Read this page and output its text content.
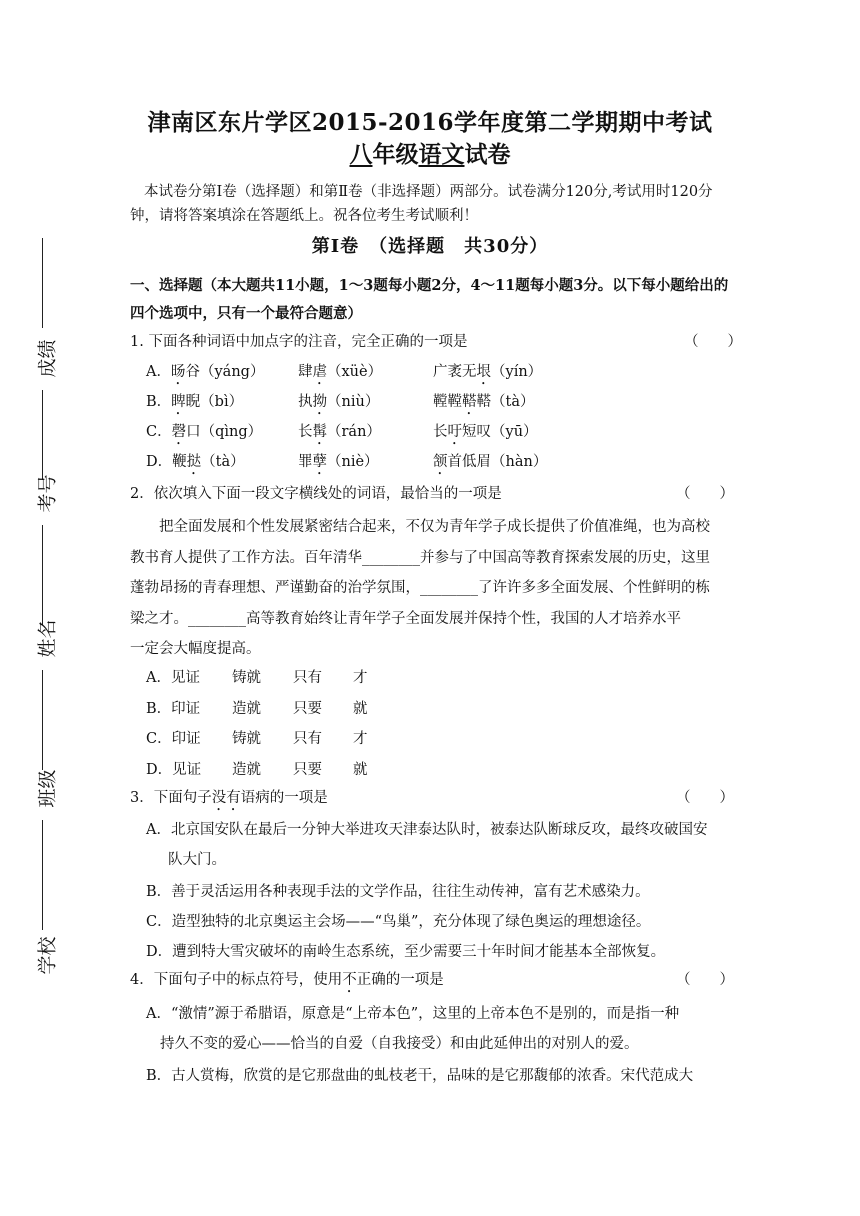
成绩
考号
姓名
班级
学校
津南区东片学区2015-2016学年度第二学期期中考试
八年级语文试卷
本试卷分第Ⅰ卷（选择题）和第Ⅱ卷（非选择题）两部分。试卷满分120分,考试用时120分钟，请将答案填涂在答题纸上。祝各位考生考试顺利！
第Ⅰ卷　（选择题　共30分）
一、选择题（本大题共11小题，1～3题每小题2分，4～11题每小题3分。以下每小题给出的四个选项中，只有一个最符合题意）
1. 下面各种词语中加点字的注音，完全正确的一项是	（　　）
A．旸谷（yáng） 肆虐（xüè）	广袤无垠（yín）
B．睥睨（bì）	执拗（niù）	鞺鞺鞳鞳（tà）
C．磬口（qìng） 长髯（rán）	长吁短叹（yū）
D．鞭挞（tà）	罪孽（niè）	颔首低眉（hàn）
2．依次填入下面一段文字横线处的词语，最恰当的一项是	（　　）

把全面发展和个性发展紧密结合起来，不仅为青年学子成长提供了价值准绳，也为高校

教书育人提供了工作方法。百年清华________并参与了中国高等教育探索发展的历史，这里

蓬勃昂扬的青春理想、严谨勤奋的治学氛围，________了许许多多全面发展、个性鲜明的栋

梁之才。________高等教育始终让青年学子全面发展并保持个性，我国的人才培养水平

一定会大幅度提高。

A．见证 铸就 只有 才
B．印证 造就 只要 就
C．印证 铸就 只有 才
D．见证 造就 只要 就
3．下面句子没有语病的一项是	（　　）
A．北京国安队在最后一分钟大举进攻天津泰达队时，被泰达队断球反攻，最终攻破国安
队大门。
B．善于灵活运用各种表现手法的文学作品，往往生动传神，富有艺术感染力。
C．造型独特的北京奥运主会场——“鸟巢”，充分体现了绿色奥运的理想途径。
D．遭到特大雪灾破坏的南岭生态系统，至少需要三十年时间才能基本全部恢复。
4．下面句子中的标点符号，使用不正确的一项是	（　　）
A．“激情”源于希腊语，原意是“上帝本色”，这里的上帝本色不是别的，而是指一种
持久不变的爱心——恰当的自爱（自我接受）和由此延伸出的对别人的爱。
B．古人赏梅，欣赏的是它那盘曲的虬枝老干，品味的是它那馥郁的浓香。宋代范成大
